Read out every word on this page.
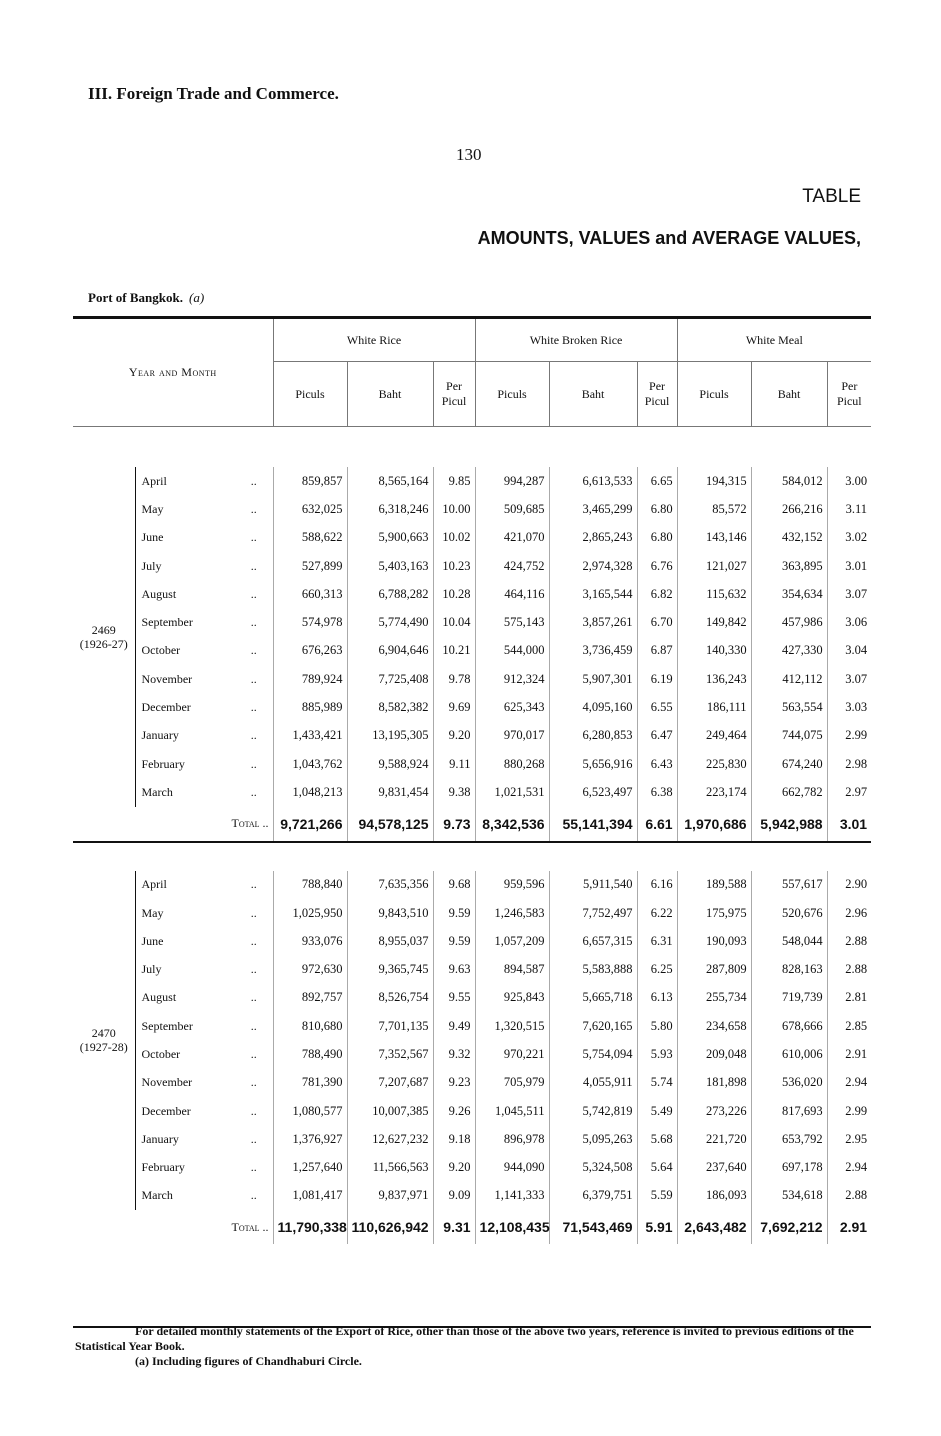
III. Foreign Trade and Commerce.
130
TABLE
AMOUNTS, VALUES and AVERAGE VALUES,
Port of Bangkok. (a)
Year and Month			White Rice			White Broken Rice			White Meal		
			Piculs	Baht	Per Picul	Piculs	Baht	Per Picul	Piculs	Baht	Per Picul

2469
(1926-27)	April	..	859,857	8,565,164	9.85	994,287	6,613,533	6.65	194,315	584,012	3.00
	May	..	632,025	6,318,246	10.00	509,685	3,465,299	6.80	85,572	266,216	3.11
	June	..	588,622	5,900,663	10.02	421,070	2,865,243	6.80	143,146	432,152	3.02
	July	..	527,899	5,403,163	10.23	424,752	2,974,328	6.76	121,027	363,895	3.01
	August	..	660,313	6,788,282	10.28	464,116	3,165,544	6.82	115,632	354,634	3.07
	September	..	574,978	5,774,490	10.04	575,143	3,857,261	6.70	149,842	457,986	3.06
	October	..	676,263	6,904,646	10.21	544,000	3,736,459	6.87	140,330	427,330	3.04
	November	..	789,924	7,725,408	9.78	912,324	5,907,301	6.19	136,243	412,112	3.07
	December	..	885,989	8,582,382	9.69	625,343	4,095,160	6.55	186,111	563,554	3.03
	January	..	1,433,421	13,195,305	9.20	970,017	6,280,853	6.47	249,464	744,075	2.99
	February	..	1,043,762	9,588,924	9.11	880,268	5,656,916	6.43	225,830	674,240	2.98
	March	..	1,048,213	9,831,454	9.38	1,021,531	6,523,497	6.38	223,174	662,782	2.97
Total ..			9,721,266	94,578,125	9.73	8,342,536	55,141,394	6.61	1,970,686	5,942,988	3.01

2470
(1927-28)	April	..	788,840	7,635,356	9.68	959,596	5,911,540	6.16	189,588	557,617	2.90
	May	..	1,025,950	9,843,510	9.59	1,246,583	7,752,497	6.22	175,975	520,676	2.96
	June	..	933,076	8,955,037	9.59	1,057,209	6,657,315	6.31	190,093	548,044	2.88
	July	..	972,630	9,365,745	9.63	894,587	5,583,888	6.25	287,809	828,163	2.88
	August	..	892,757	8,526,754	9.55	925,843	5,665,718	6.13	255,734	719,739	2.81
	September	..	810,680	7,701,135	9.49	1,320,515	7,620,165	5.80	234,658	678,666	2.85
	October	..	788,490	7,352,567	9.32	970,221	5,754,094	5.93	209,048	610,006	2.91
	November	..	781,390	7,207,687	9.23	705,979	4,055,911	5.74	181,898	536,020	2.94
	December	..	1,080,577	10,007,385	9.26	1,045,511	5,742,819	5.49	273,226	817,693	2.99
	January	..	1,376,927	12,627,232	9.18	896,978	5,095,263	5.68	221,720	653,792	2.95
	February	..	1,257,640	11,566,563	9.20	944,090	5,324,508	5.64	237,640	697,178	2.94
	March	..	1,081,417	9,837,971	9.09	1,141,333	6,379,751	5.59	186,093	534,618	2.88
Total ..			11,790,338	110,626,942	9.31	12,108,435	71,543,469	5.91	2,643,482	7,692,212	2.91

For detailed monthly statements of the Export of Rice, other than those of the above two years, reference is invited to previous editions of the Statistical Year Book.

(a) Including figures of Chandhaburi Circle.
